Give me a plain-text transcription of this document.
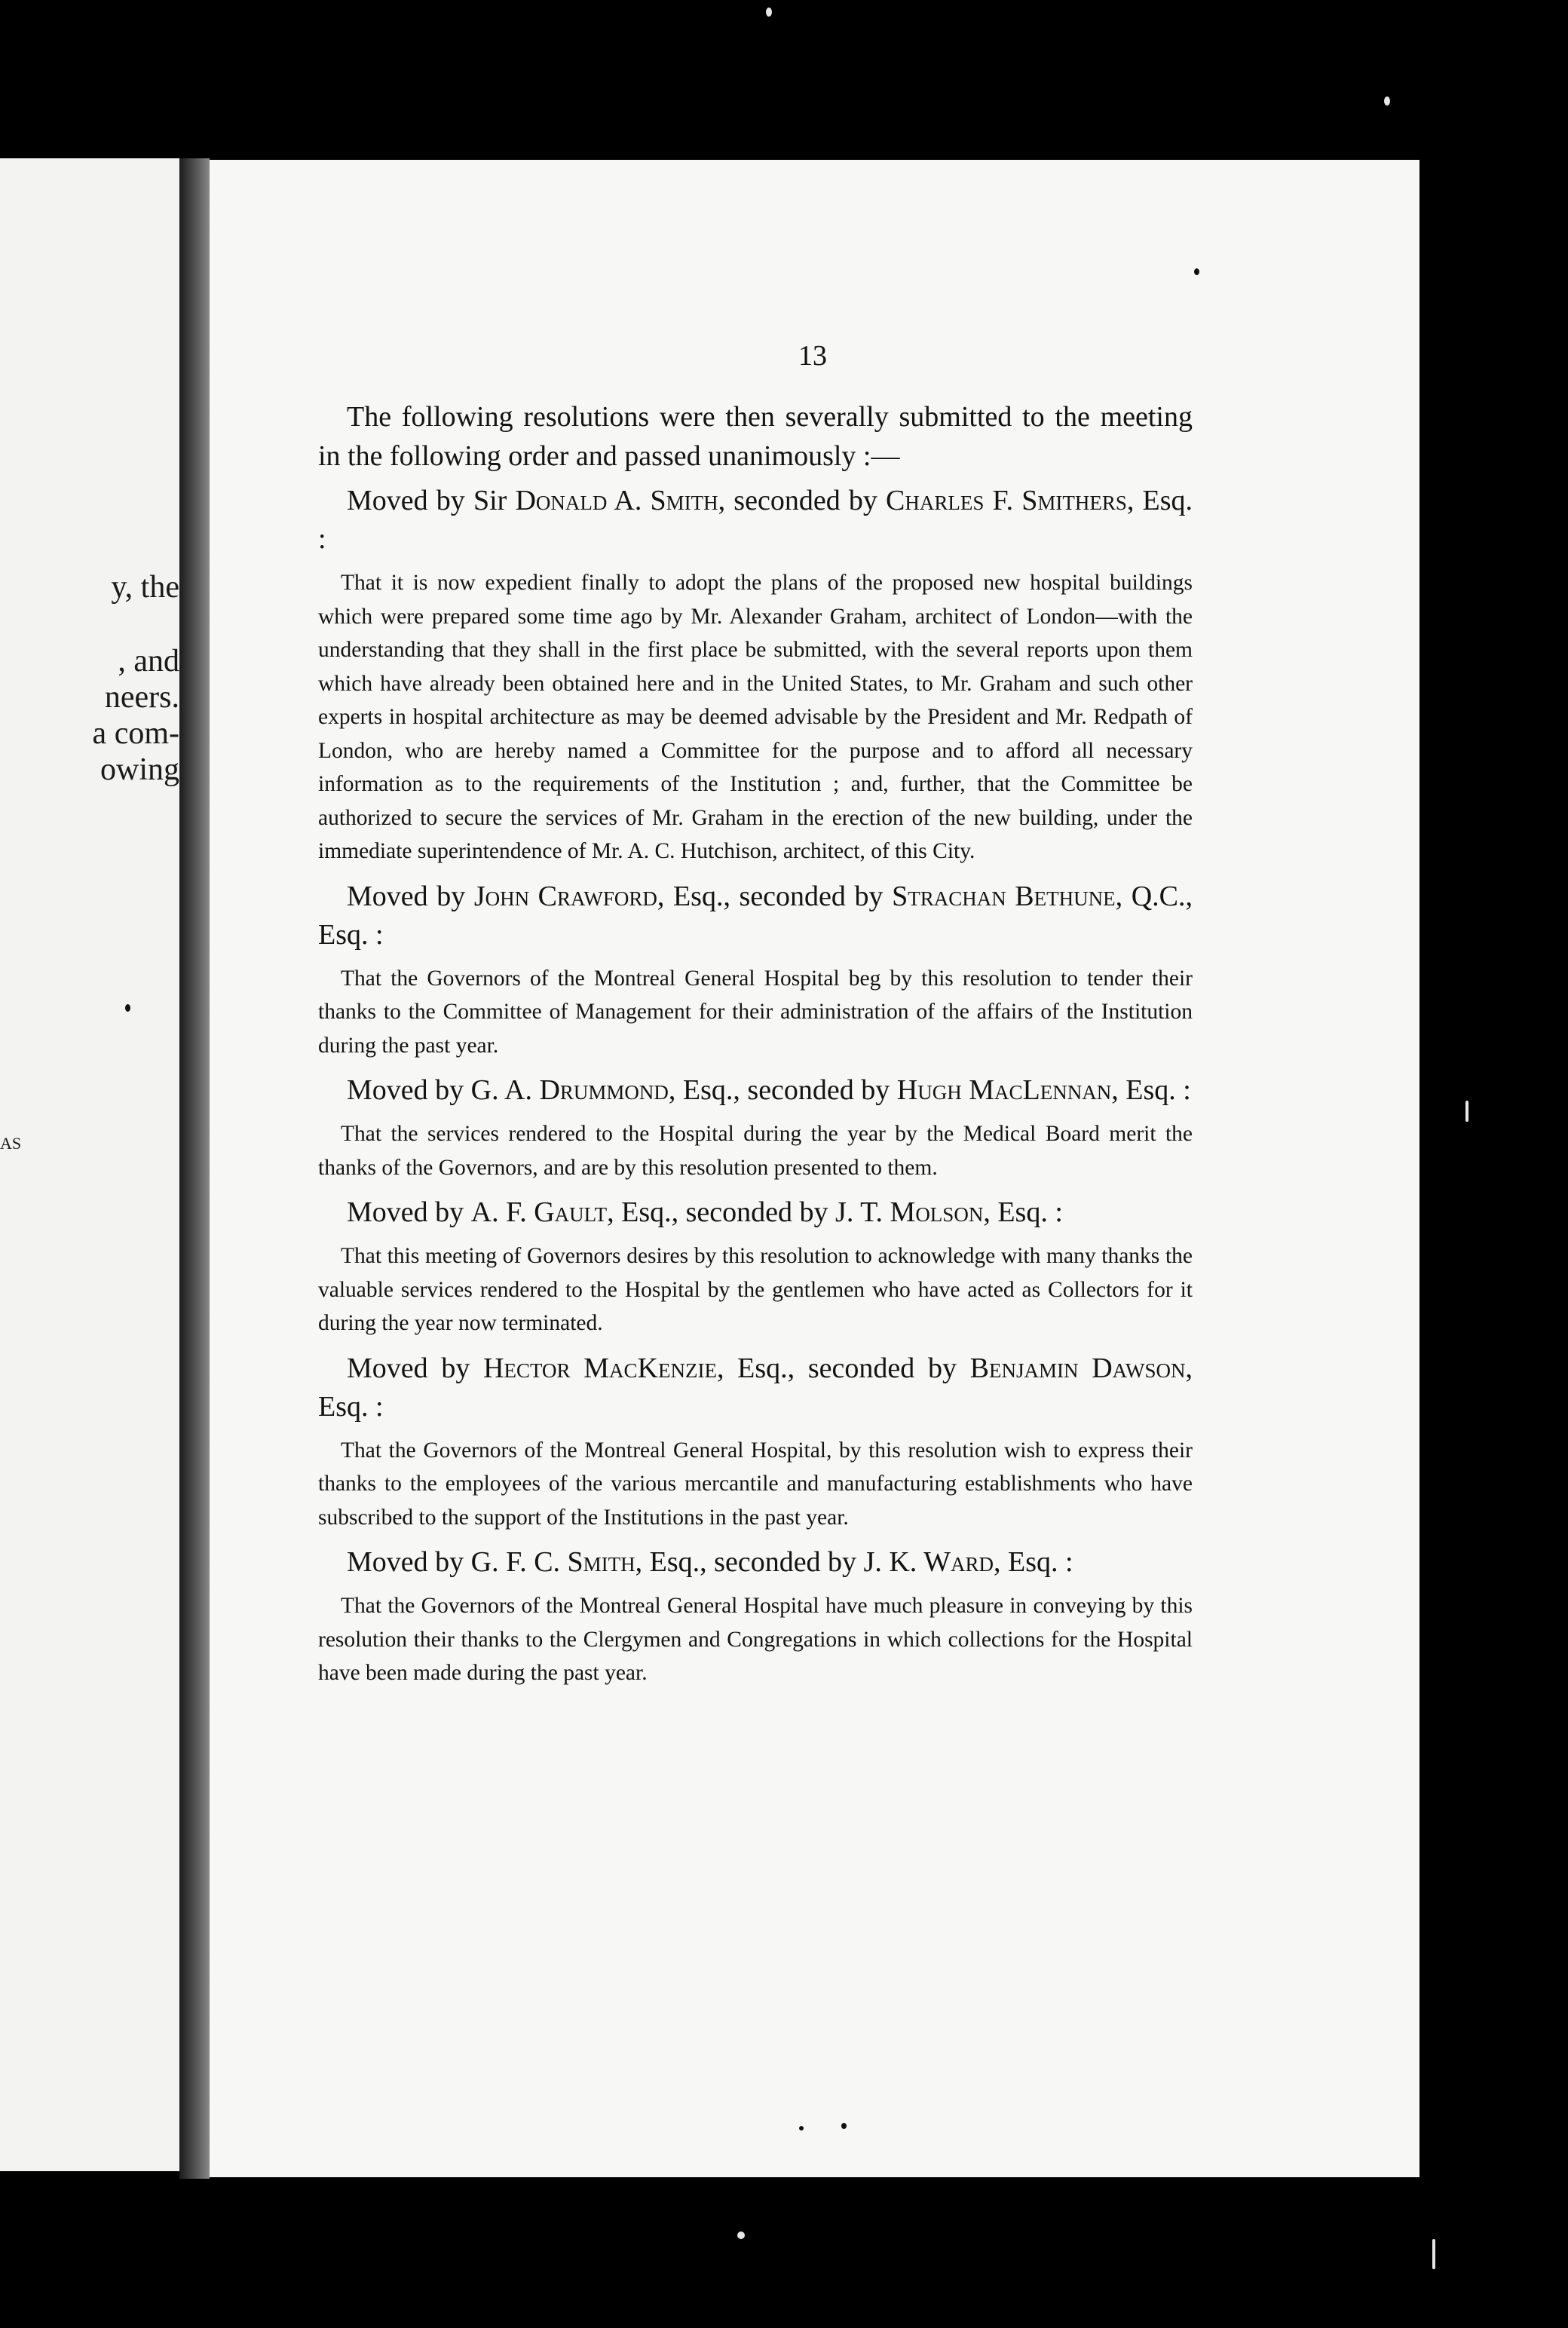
y, the
, and
neers.
a com-
owing
AS
13

The following resolutions were then severally submitted to the meeting in the following order and passed unanimously :—

Moved by Sir Donald A. Smith, seconded by Charles F. Smithers, Esq. :

That it is now expedient finally to adopt the plans of the proposed new hospital buildings which were prepared some time ago by Mr. Alexander Graham, architect of London—with the understanding that they shall in the first place be submitted, with the several reports upon them which have already been obtained here and in the United States, to Mr. Graham and such other experts in hospital architecture as may be deemed advisable by the President and Mr. Redpath of London, who are hereby named a Committee for the purpose and to afford all necessary information as to the requirements of the Institution ; and, further, that the Committee be authorized to secure the services of Mr. Graham in the erection of the new building, under the immediate superintendence of Mr. A. C. Hutchison, architect, of this City.

Moved by John Crawford, Esq., seconded by Strachan Bethune, Q.C., Esq. :

That the Governors of the Montreal General Hospital beg by this resolution to tender their thanks to the Committee of Management for their administration of the affairs of the Institution during the past year.

Moved by G. A. Drummond, Esq., seconded by Hugh MacLennan, Esq. :

That the services rendered to the Hospital during the year by the Medical Board merit the thanks of the Governors, and are by this resolution presented to them.

Moved by A. F. Gault, Esq., seconded by J. T. Molson, Esq. :

That this meeting of Governors desires by this resolution to acknowledge with many thanks the valuable services rendered to the Hospital by the gentlemen who have acted as Collectors for it during the year now terminated.

Moved by Hector MacKenzie, Esq., seconded by Benjamin Dawson, Esq. :

That the Governors of the Montreal General Hospital, by this resolution wish to express their thanks to the employees of the various mercantile and manufacturing establishments who have subscribed to the support of the Institutions in the past year.

Moved by G. F. C. Smith, Esq., seconded by J. K. Ward, Esq. :

That the Governors of the Montreal General Hospital have much pleasure in conveying by this resolution their thanks to the Clergymen and Congregations in which collections for the Hospital have been made during the past year.
